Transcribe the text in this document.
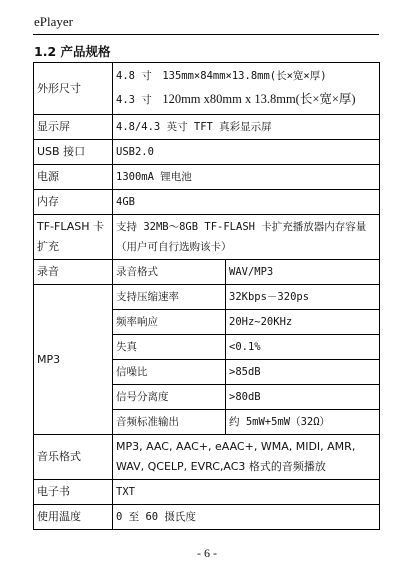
ePlayer
1.2 产品规格
外形尺寸	4.8 寸 135mm×84mm×13.8mm(长×宽×厚)
4.3 寸 120mm x80mm x 13.8mm(长×宽×厚)	

显示屏	4.8/4.3 英寸 TFT 真彩显示屏	
USB 接口	USB2.0	
电源	1300mA 锂电池	
内存	4GB	
TF-FLASH 卡扩充	支持 32MB～8GB TF-FLASH 卡扩充播放器内存容量（用户可自行选购该卡）	
录音	录音格式	WAV/MP3
MP3	支持压缩速率	32Kbps－320ps
	频率响应	20Hz~20KHz
	失真	<0.1%
	信噪比	>85dB
	信号分离度	>80dB
	音频标准输出	约 5mW+5mW（32Ω）
音乐格式	MP3, AAC, AAC+, eAAC+, WMA, MIDI, AMR, WAV, QCELP, EVRC,AC3 格式的音频播放	
电子书	TXT	
使用温度	0 至 60 摄氏度	
- 6 -
